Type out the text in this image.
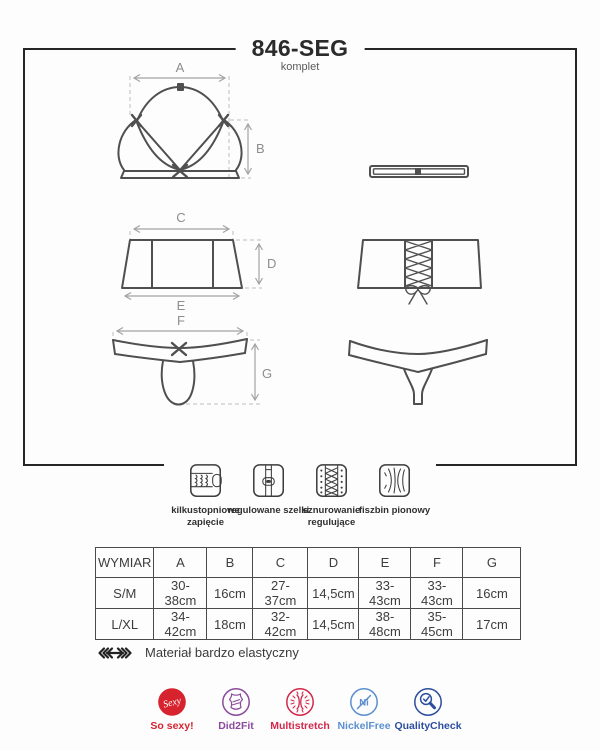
846-SEG
komplet
A
B
C
D
E
F
G
kilkustopniowe zapięcie
regulowane szelki
sznurowanie regulujące
fiszbin pionowy
WYMIAR	A	B	C	D	E	F	G
S/M	30-38cm	16cm	27-37cm	14,5cm	33-43cm	33-43cm	16cm
L/XL	34-42cm	18cm	32-42cm	14,5cm	38-48cm	35-45cm	17cm
Materiał bardzo elastyczny
Sexy
So sexy! Did2Fit Multistretch
Ni
NickelFree QualityCheck
